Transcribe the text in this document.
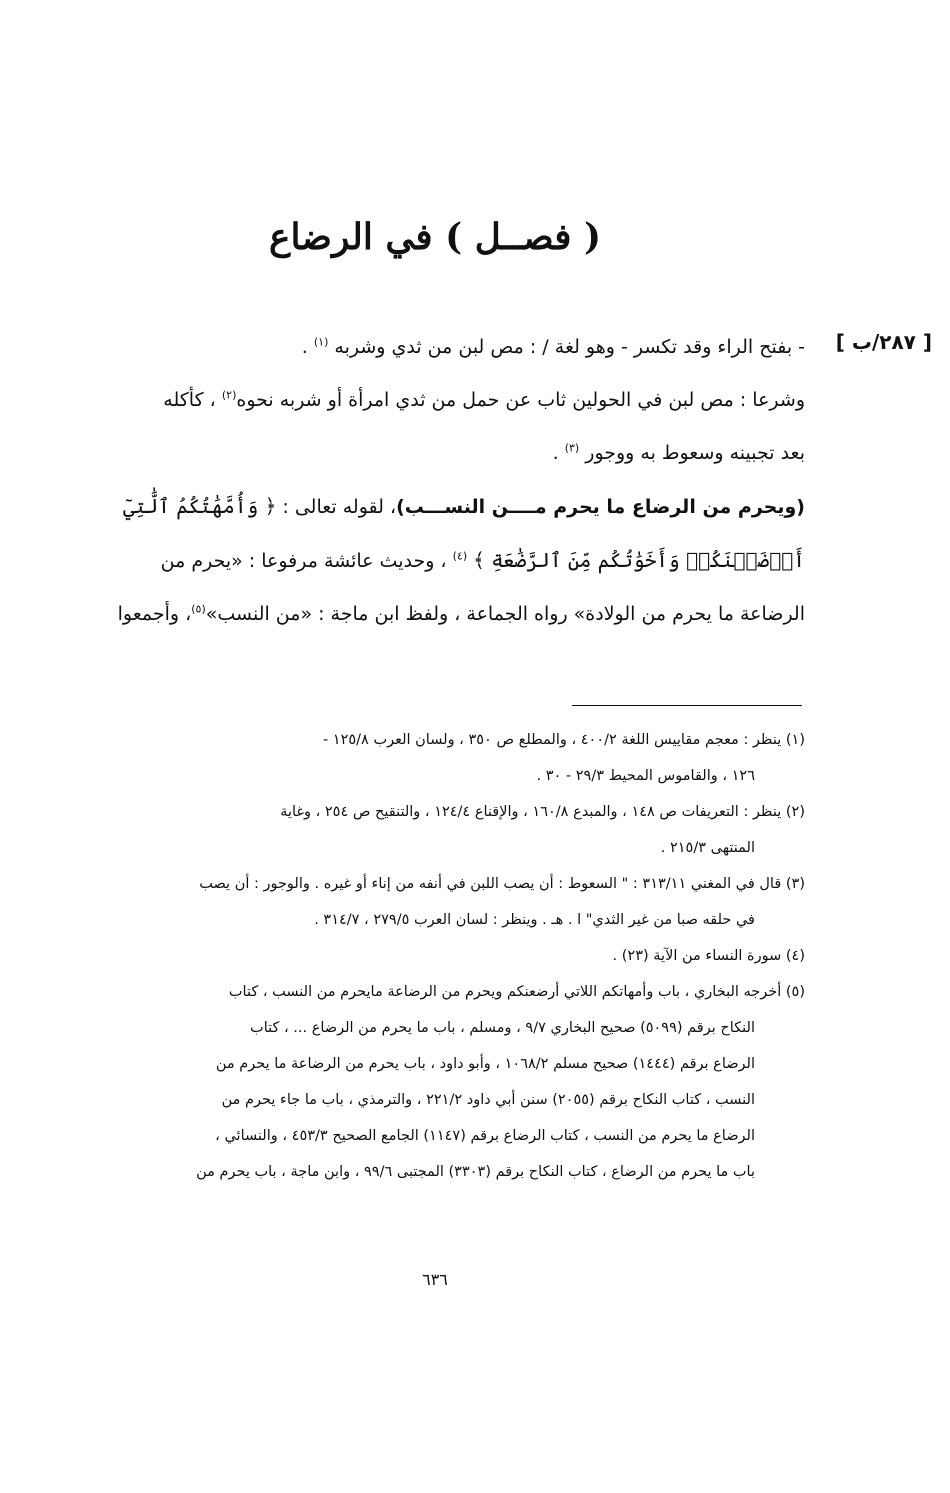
( فصــل ) في الرضاع
[ ٢٨٧/ب ]

- بفتح الراء وقد تكسر - وهو لغة / : مص لبن من ثدي وشربه $^{(١)}$ .

وشرعا : مص لبن في الحولين ثاب عن حمل من ثدي امرأة أو شربه نحوه$^{(٢)}$ ، كأكله

بعد تجبينه وسعوط به ووجور $^{(٣)}$ .

(ويحرم من الرضاع ما يحرم مــــن النســـب)، لقوله تعالى : ﴿ وَأُمَّهَٰتُكُمُ ٱلَّٰتِيٓ

أَرۡضَعۡنَكُمۡ وَأَخَوَٰتُكُم مِّنَ ٱلرَّضَٰعَةِ ﴾ $^{(٤)}$ ، وحديث عائشة مرفوعا : «يحرم من

الرضاعة ما يحرم من الولادة» رواه الجماعة ، ولفظ ابن ماجة : «من النسب»$^{(٥)}$، وأجمعوا

(١) ينظر : معجم مقاييس اللغة ٤٠٠/٢ ، والمطلع ص ٣٥٠ ، ولسان العرب ١٢٥/٨ -

١٢٦ ، والقاموس المحيط ٢٩/٣ - ٣٠ .

(٢) ينظر : التعريفات ص ١٤٨ ، والمبدع ١٦٠/٨ ، والإقناع ١٢٤/٤ ، والتنقيح ص ٢٥٤ ، وغاية

المنتهى ٢١٥/٣ .

(٣) قال في المغني ٣١٣/١١ : " السعوط : أن يصب اللبن في أنفه من إناء أو غيره . والوجور : أن يصب

في حلقه صبا من غير الثدي" ا . هـ . وينظر : لسان العرب ٢٧٩/٥ ، ٣١٤/٧ .

(٤) سورة النساء من الآية (٢٣) .

(٥) أخرجه البخاري ، باب وأمهاتكم اللاتي أرضعنكم ويحرم من الرضاعة مايحرم من النسب ، كتاب

النكاح برقم (٥٠٩٩) صحيح البخاري ٩/٧ ، ومسلم ، باب ما يحرم من الرضاع ... ، كتاب

الرضاع برقم (١٤٤٤) صحيح مسلم ١٠٦٨/٢ ، وأبو داود ، باب يحرم من الرضاعة ما يحرم من

النسب ، كتاب النكاح برقم (٢٠٥٥) سنن أبي داود ٢٢١/٢ ، والترمذي ، باب ما جاء يحرم من

الرضاع ما يحرم من النسب ، كتاب الرضاع برقم (١١٤٧) الجامع الصحيح ٤٥٣/٣ ، والنسائي ،

باب ما يحرم من الرضاع ، كتاب النكاح برقم (٣٣٠٣) المجتبى ٩٩/٦ ، وابن ماجة ، باب يحرم من

٦٣٦
